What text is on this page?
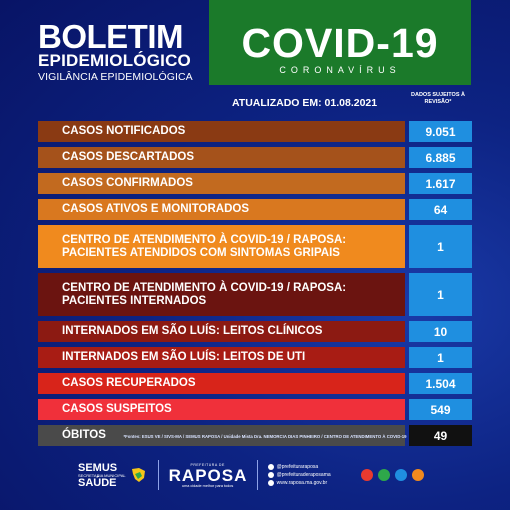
BOLETIM
EPIDEMIOLÓGICO
VIGILÂNCIA EPIDEMIOLÓGICA
COVID-19
CORONAVÍRUS
ATUALIZADO EM: 01.08.2021
DADOS SUJEITOS À REVISÃO*
CASOS NOTIFICADOS	9.051
CASOS DESCARTADOS	6.885
CASOS CONFIRMADOS	1.617
CASOS ATIVOS E MONITORADOS	64
CENTRO DE ATENDIMENTO À COVID-19 / RAPOSA: PACIENTES ATENDIDOS COM SINTOMAS GRIPAIS	1
CENTRO DE ATENDIMENTO À COVID-19 / RAPOSA: PACIENTES INTERNADOS	1
INTERNADOS EM SÃO LUÍS: LEITOS CLÍNICOS	10
INTERNADOS EM SÃO LUÍS: LEITOS DE UTI	1
CASOS RECUPERADOS	1.504
CASOS SUSPEITOS	549
ÓBITOS	49
*Fontes: ESUS VE / SIVS-MA / SEMUS RAPOSA / Unidade Mista Dra. NEMORCIA DIAS PINHEIRO / CENTRO DE ATENDIMENTO À COVID-19
SEMUS
SECRETARIA MUNICIPAL
SAÚDE
PREFEITURA DE
RAPOSA
uma cidade melhor para todos
@prefeituraraposa
@prefeituraderaposama
www.raposa.ma.gov.br
